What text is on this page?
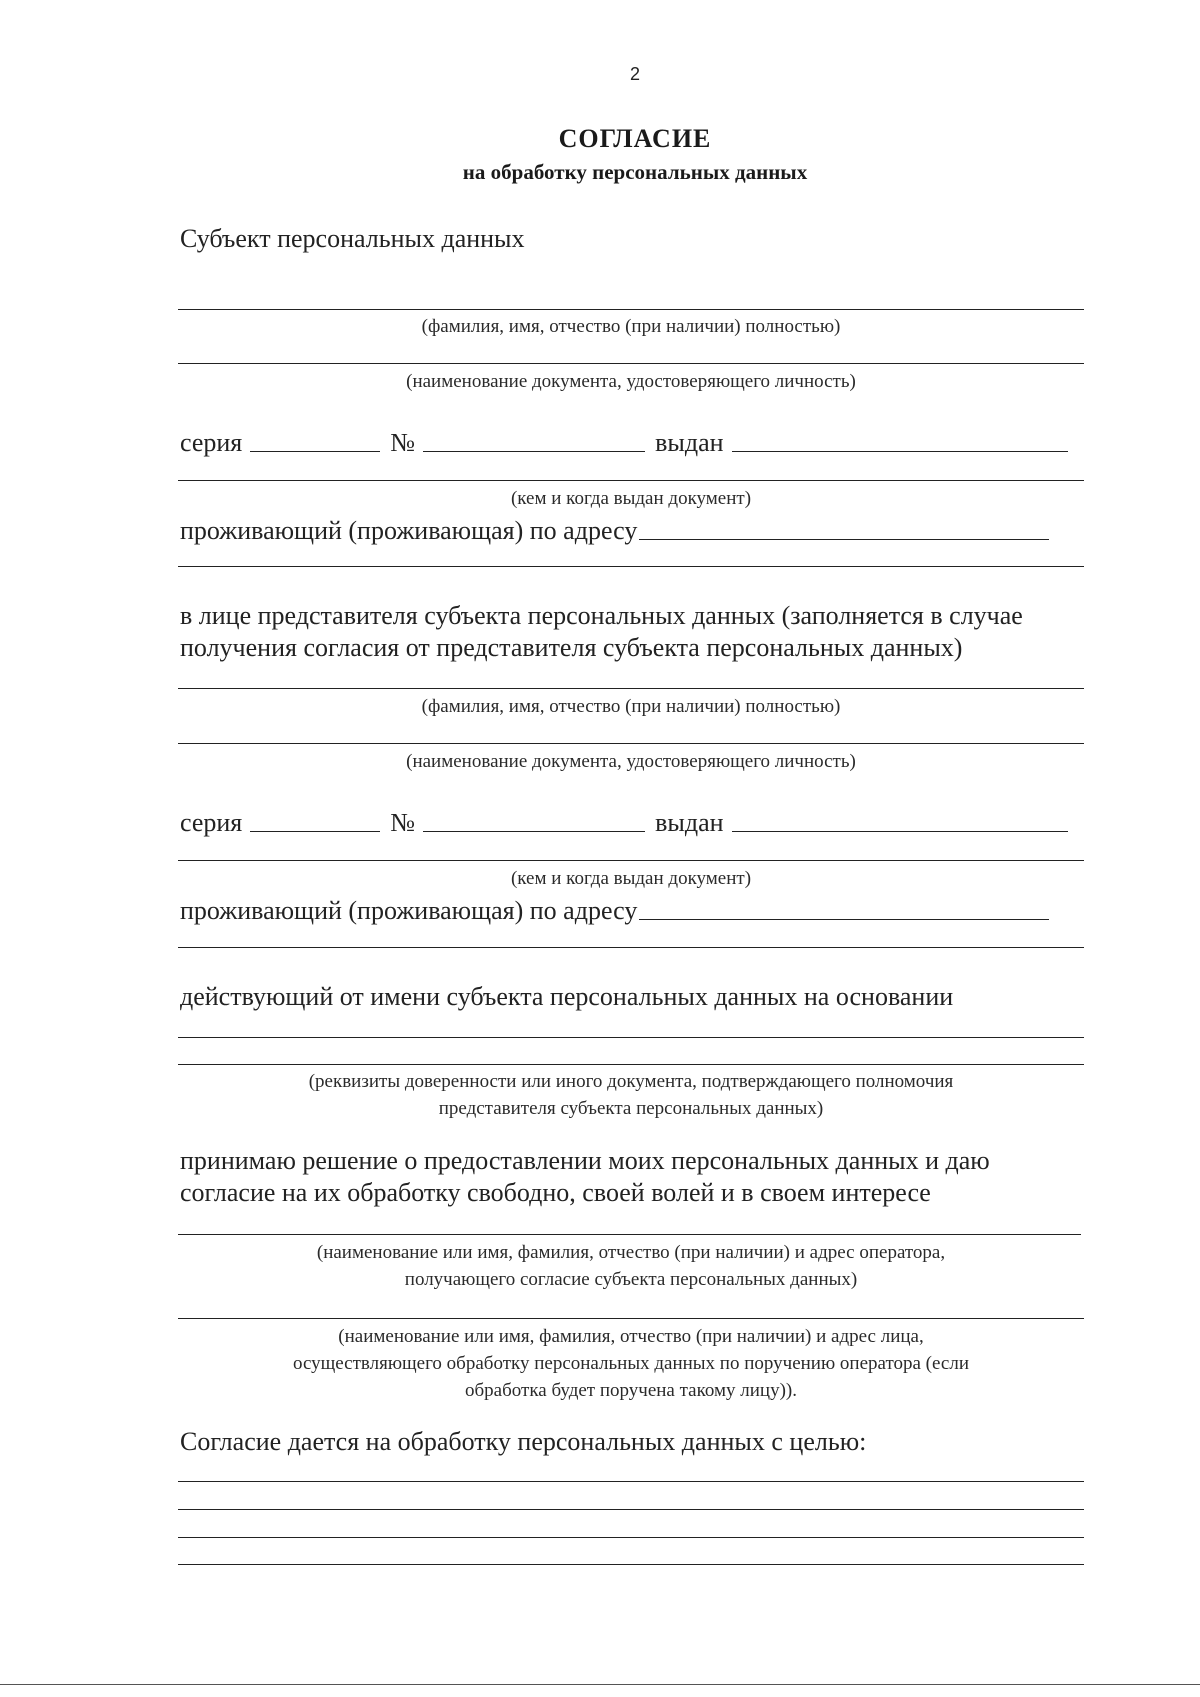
2
СОГЛАСИЕ
на обработку персональных данных
Субъект персональных данных
(фамилия, имя, отчество (при наличии) полностью)
(наименование документа, удостоверяющего личность)
серия	№	выдан
(кем и когда выдан документ)
проживающий (проживающая) по адресу
в лице представителя субъекта персональных данных (заполняется в случае
получения согласия от представителя субъекта персональных данных)
(фамилия, имя, отчество (при наличии) полностью)
(наименование документа, удостоверяющего личность)
серия	№	выдан
(кем и когда выдан документ)
проживающий (проживающая) по адресу
действующий от имени субъекта персональных данных на основании
(реквизиты доверенности или иного документа, подтверждающего полномочия
представителя субъекта персональных данных)
принимаю решение о предоставлении моих персональных данных и даю
согласие на их обработку свободно, своей волей и в своем интересе
(наименование или имя, фамилия, отчество (при наличии) и адрес оператора,
получающего согласие субъекта персональных данных)
(наименование или имя, фамилия, отчество (при наличии) и адрес лица,
осуществляющего обработку персональных данных по поручению оператора (если
обработка будет поручена такому лицу)).
Согласие дается на обработку персональных данных с целью:
